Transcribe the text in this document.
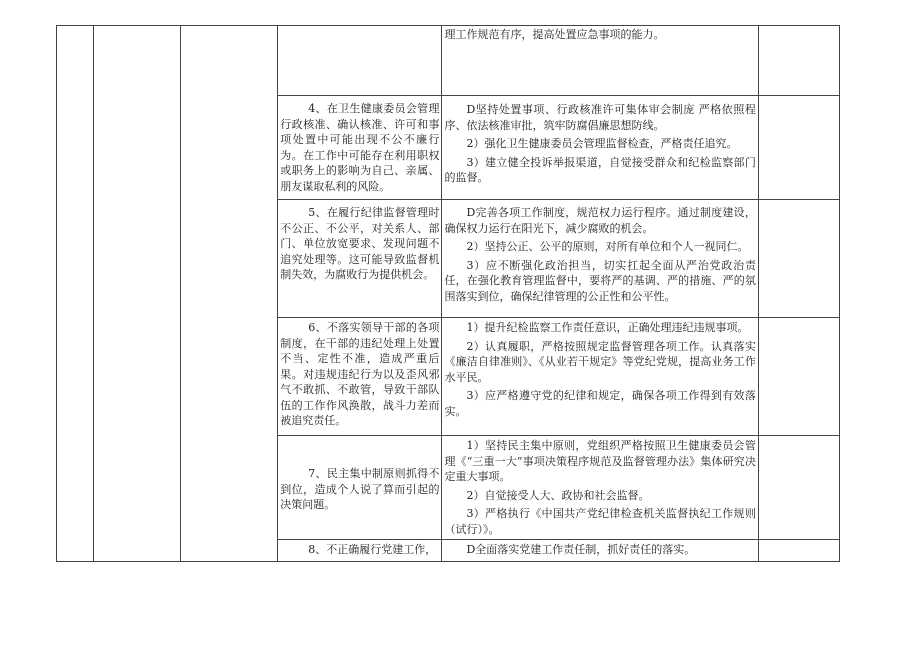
				理工作规范有序，提高处置应急事项的能力。	

			4、在卫生健康委员会管理行政核准、确认核准、许可和事项处置中可能出现不公不廉行为。在工作中可能存在利用职权或职务上的影响为自己、亲属、朋友谋取私利的风险。	D坚持处置事项、行政核准许可集体审会制庞 严格依照程序、依法核准审批，筑牢防腐倡廉思想防线。

2）强化卫生健康委员会管理监督检查，严格责任追究。

3）建立健全投诉举报渠道，自觉接受群众和纪检监察部门的监督。	

			5、在履行纪律监督管理时不公正、不公平，对关系人、部门、单位放宽要求、发现问题不追究处理等。这可能导致监督机制失效，为腐败行为提供机会。	D完善各项工作制度，规范权力运行程序。通过制度建设，确保权力运行在阳光下，减少腐败的机会。

2）坚持公正、公平的原则，对所有单位和个人一视同仁。

3）应不断强化政治担当，切实扛起全面从严治党政治责任，在强化教育管理监督中，要将严的基调、严的措施、严的氛围落实到位，确保纪律管理的公正性和公平性。	

			6、不落实领导干部的各项制度，在干部的违纪处理上处置不当、定性不准，造成严重后果。对违规违纪行为以及歪风邪气不敢抓、不敢管，导致干部队伍的工作作风涣散，战斗力差而被追究责任。	1）提升纪检监察工作责任意识，正确处理违纪违规事项。

2）认真履职，严格按照规定监督管理各项工作。认真落实《廉洁自律准则》、《从业若干规定》等党纪党规，提高业务工作水平民。

3）应严格遵守党的纪律和规定，确保各项工作得到有效落实。	

			7、民主集中制原则抓得不到位，造成个人说了算而引起的决策问题。	1）坚持民主集中原则，党组织严格按照卫生健康委员会管理《“三重一大”事项决策程序规范及监督管理办法》集体研究决定重大事项。

2）自觉接受人大、政协和社会监督。

3）严格执行《中国共产党纪律检查机关监督执纪工作规则（试行）》。	

			8、不正确履行党建工作，	D全面落实党建工作责任制，抓好责任的落实。	
